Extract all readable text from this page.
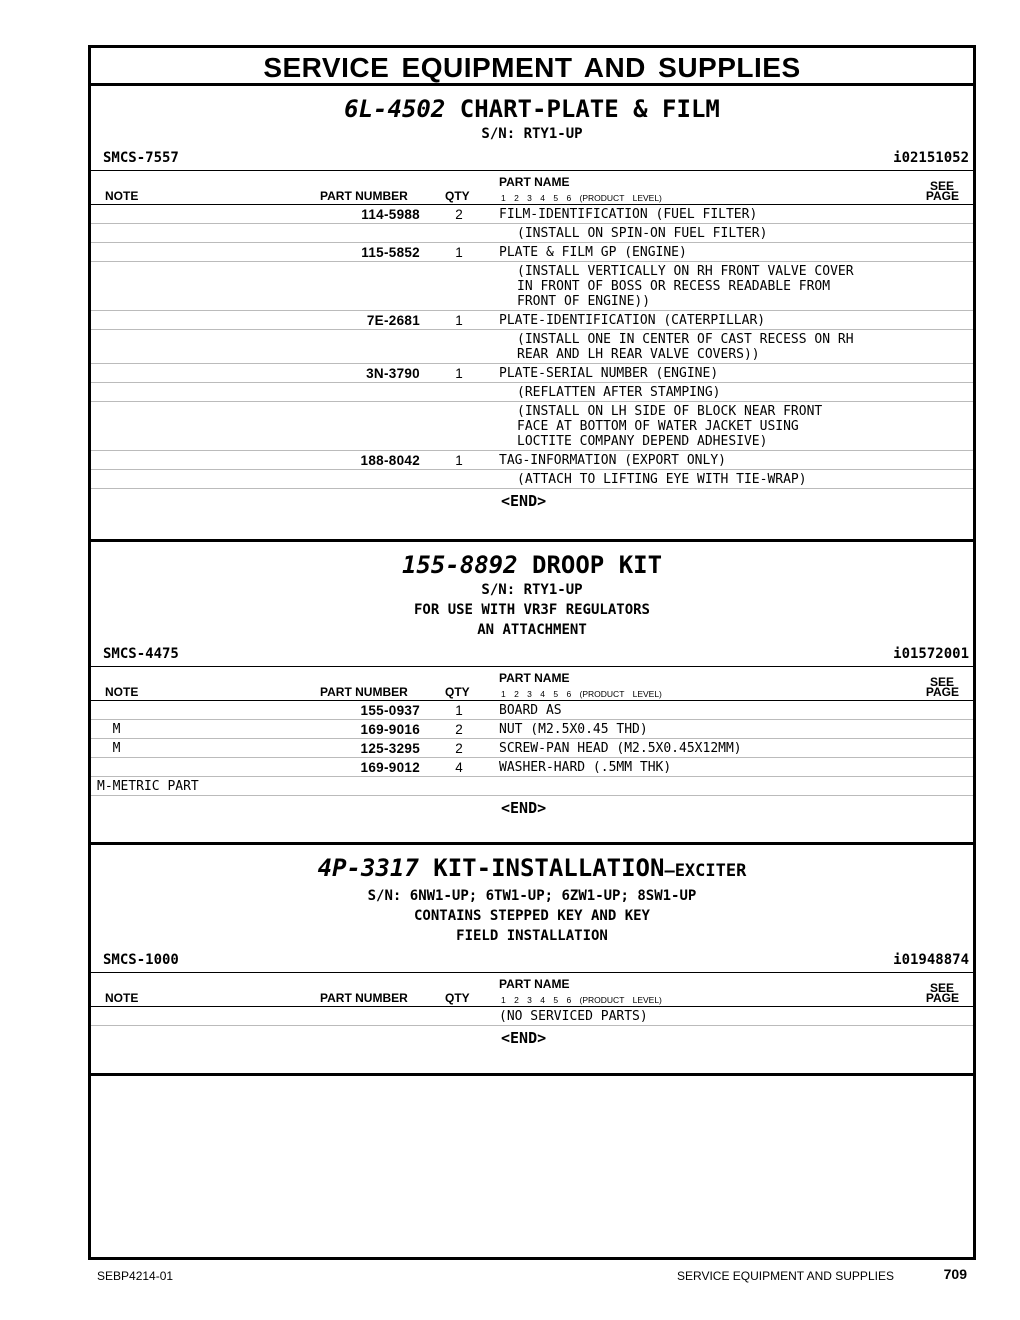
SERVICE EQUIPMENT AND SUPPLIES
6L-4502 CHART-PLATE & FILM
S/N: RTY1-UP
SMCS-7557	i02151052
NOTE	PART NUMBER	QTY
PART NAME
1 2 3 4 5 6 (PRODUCT LEVEL)
SEE
PAGE
114-5988	2	FILM-IDENTIFICATION (FUEL FILTER)
(INSTALL ON SPIN-ON FUEL FILTER)
115-5852	1	PLATE & FILM GP (ENGINE)
(INSTALL VERTICALLY ON RH FRONT VALVE COVER
IN FRONT OF BOSS OR RECESS READABLE FROM
FRONT OF ENGINE))
7E-2681	1	PLATE-IDENTIFICATION (CATERPILLAR)
(INSTALL ONE IN CENTER OF CAST RECESS ON RH
REAR AND LH REAR VALVE COVERS))
3N-3790	1	PLATE-SERIAL NUMBER (ENGINE)
(REFLATTEN AFTER STAMPING)
(INSTALL ON LH SIDE OF BLOCK NEAR FRONT
FACE AT BOTTOM OF WATER JACKET USING
LOCTITE COMPANY DEPEND ADHESIVE)
188-8042	1	TAG-INFORMATION (EXPORT ONLY)
(ATTACH TO LIFTING EYE WITH TIE-WRAP)
<END>
155-8892 DROOP KIT
S/N: RTY1-UP
FOR USE WITH VR3F REGULATORS
AN ATTACHMENT
SMCS-4475	i01572001
NOTE	PART NUMBER	QTY
PART NAME
1 2 3 4 5 6 (PRODUCT LEVEL)
SEE
PAGE
155-0937	1	BOARD AS
M	169-9016	2	NUT (M2.5X0.45 THD)
M	125-3295	2	SCREW-PAN HEAD (M2.5X0.45X12MM)
169-9012	4	WASHER-HARD (.5MM THK)
M-METRIC PART
<END>
4P-3317 KIT-INSTALLATION—EXCITER
S/N: 6NW1-UP; 6TW1-UP; 6ZW1-UP; 8SW1-UP
CONTAINS STEPPED KEY AND KEY
FIELD INSTALLATION
SMCS-1000	i01948874
NOTE	PART NUMBER	QTY
PART NAME
1 2 3 4 5 6 (PRODUCT LEVEL)
SEE
PAGE
(NO SERVICED PARTS)
<END>
SEBP4214-01	SERVICE EQUIPMENT AND SUPPLIES	709
